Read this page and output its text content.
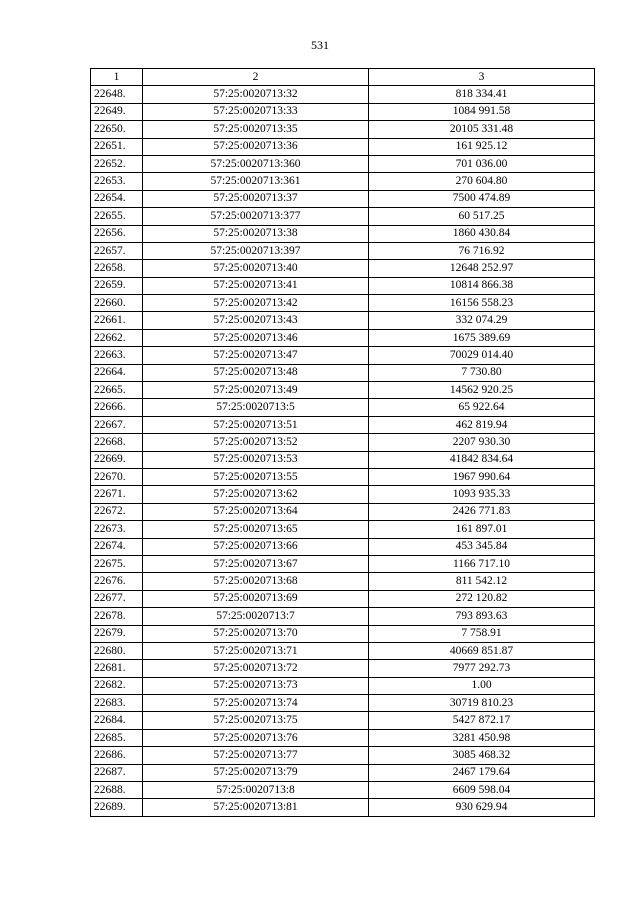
531
1	2	3
22648.	57:25:0020713:32	818 334.41
22649.	57:25:0020713:33	1084 991.58
22650.	57:25:0020713:35	20105 331.48
22651.	57:25:0020713:36	161 925.12
22652.	57:25:0020713:360	701 036.00
22653.	57:25:0020713:361	270 604.80
22654.	57:25:0020713:37	7500 474.89
22655.	57:25:0020713:377	60 517.25
22656.	57:25:0020713:38	1860 430.84
22657.	57:25:0020713:397	76 716.92
22658.	57:25:0020713:40	12648 252.97
22659.	57:25:0020713:41	10814 866.38
22660.	57:25:0020713:42	16156 558.23
22661.	57:25:0020713:43	332 074.29
22662.	57:25:0020713:46	1675 389.69
22663.	57:25:0020713:47	70029 014.40
22664.	57:25:0020713:48	7 730.80
22665.	57:25:0020713:49	14562 920.25
22666.	57:25:0020713:5	65 922.64
22667.	57:25:0020713:51	462 819.94
22668.	57:25:0020713:52	2207 930.30
22669.	57:25:0020713:53	41842 834.64
22670.	57:25:0020713:55	1967 990.64
22671.	57:25:0020713:62	1093 935.33
22672.	57:25:0020713:64	2426 771.83
22673.	57:25:0020713:65	161 897.01
22674.	57:25:0020713:66	453 345.84
22675.	57:25:0020713:67	1166 717.10
22676.	57:25:0020713:68	811 542.12
22677.	57:25:0020713:69	272 120.82
22678.	57:25:0020713:7	793 893.63
22679.	57:25:0020713:70	7 758.91
22680.	57:25:0020713:71	40669 851.87
22681.	57:25:0020713:72	7977 292.73
22682.	57:25:0020713:73	1.00
22683.	57:25:0020713:74	30719 810.23
22684.	57:25:0020713:75	5427 872.17
22685.	57:25:0020713:76	3281 450.98
22686.	57:25:0020713:77	3085 468.32
22687.	57:25:0020713:79	2467 179.64
22688.	57:25:0020713:8	6609 598.04
22689.	57:25:0020713:81	930 629.94
